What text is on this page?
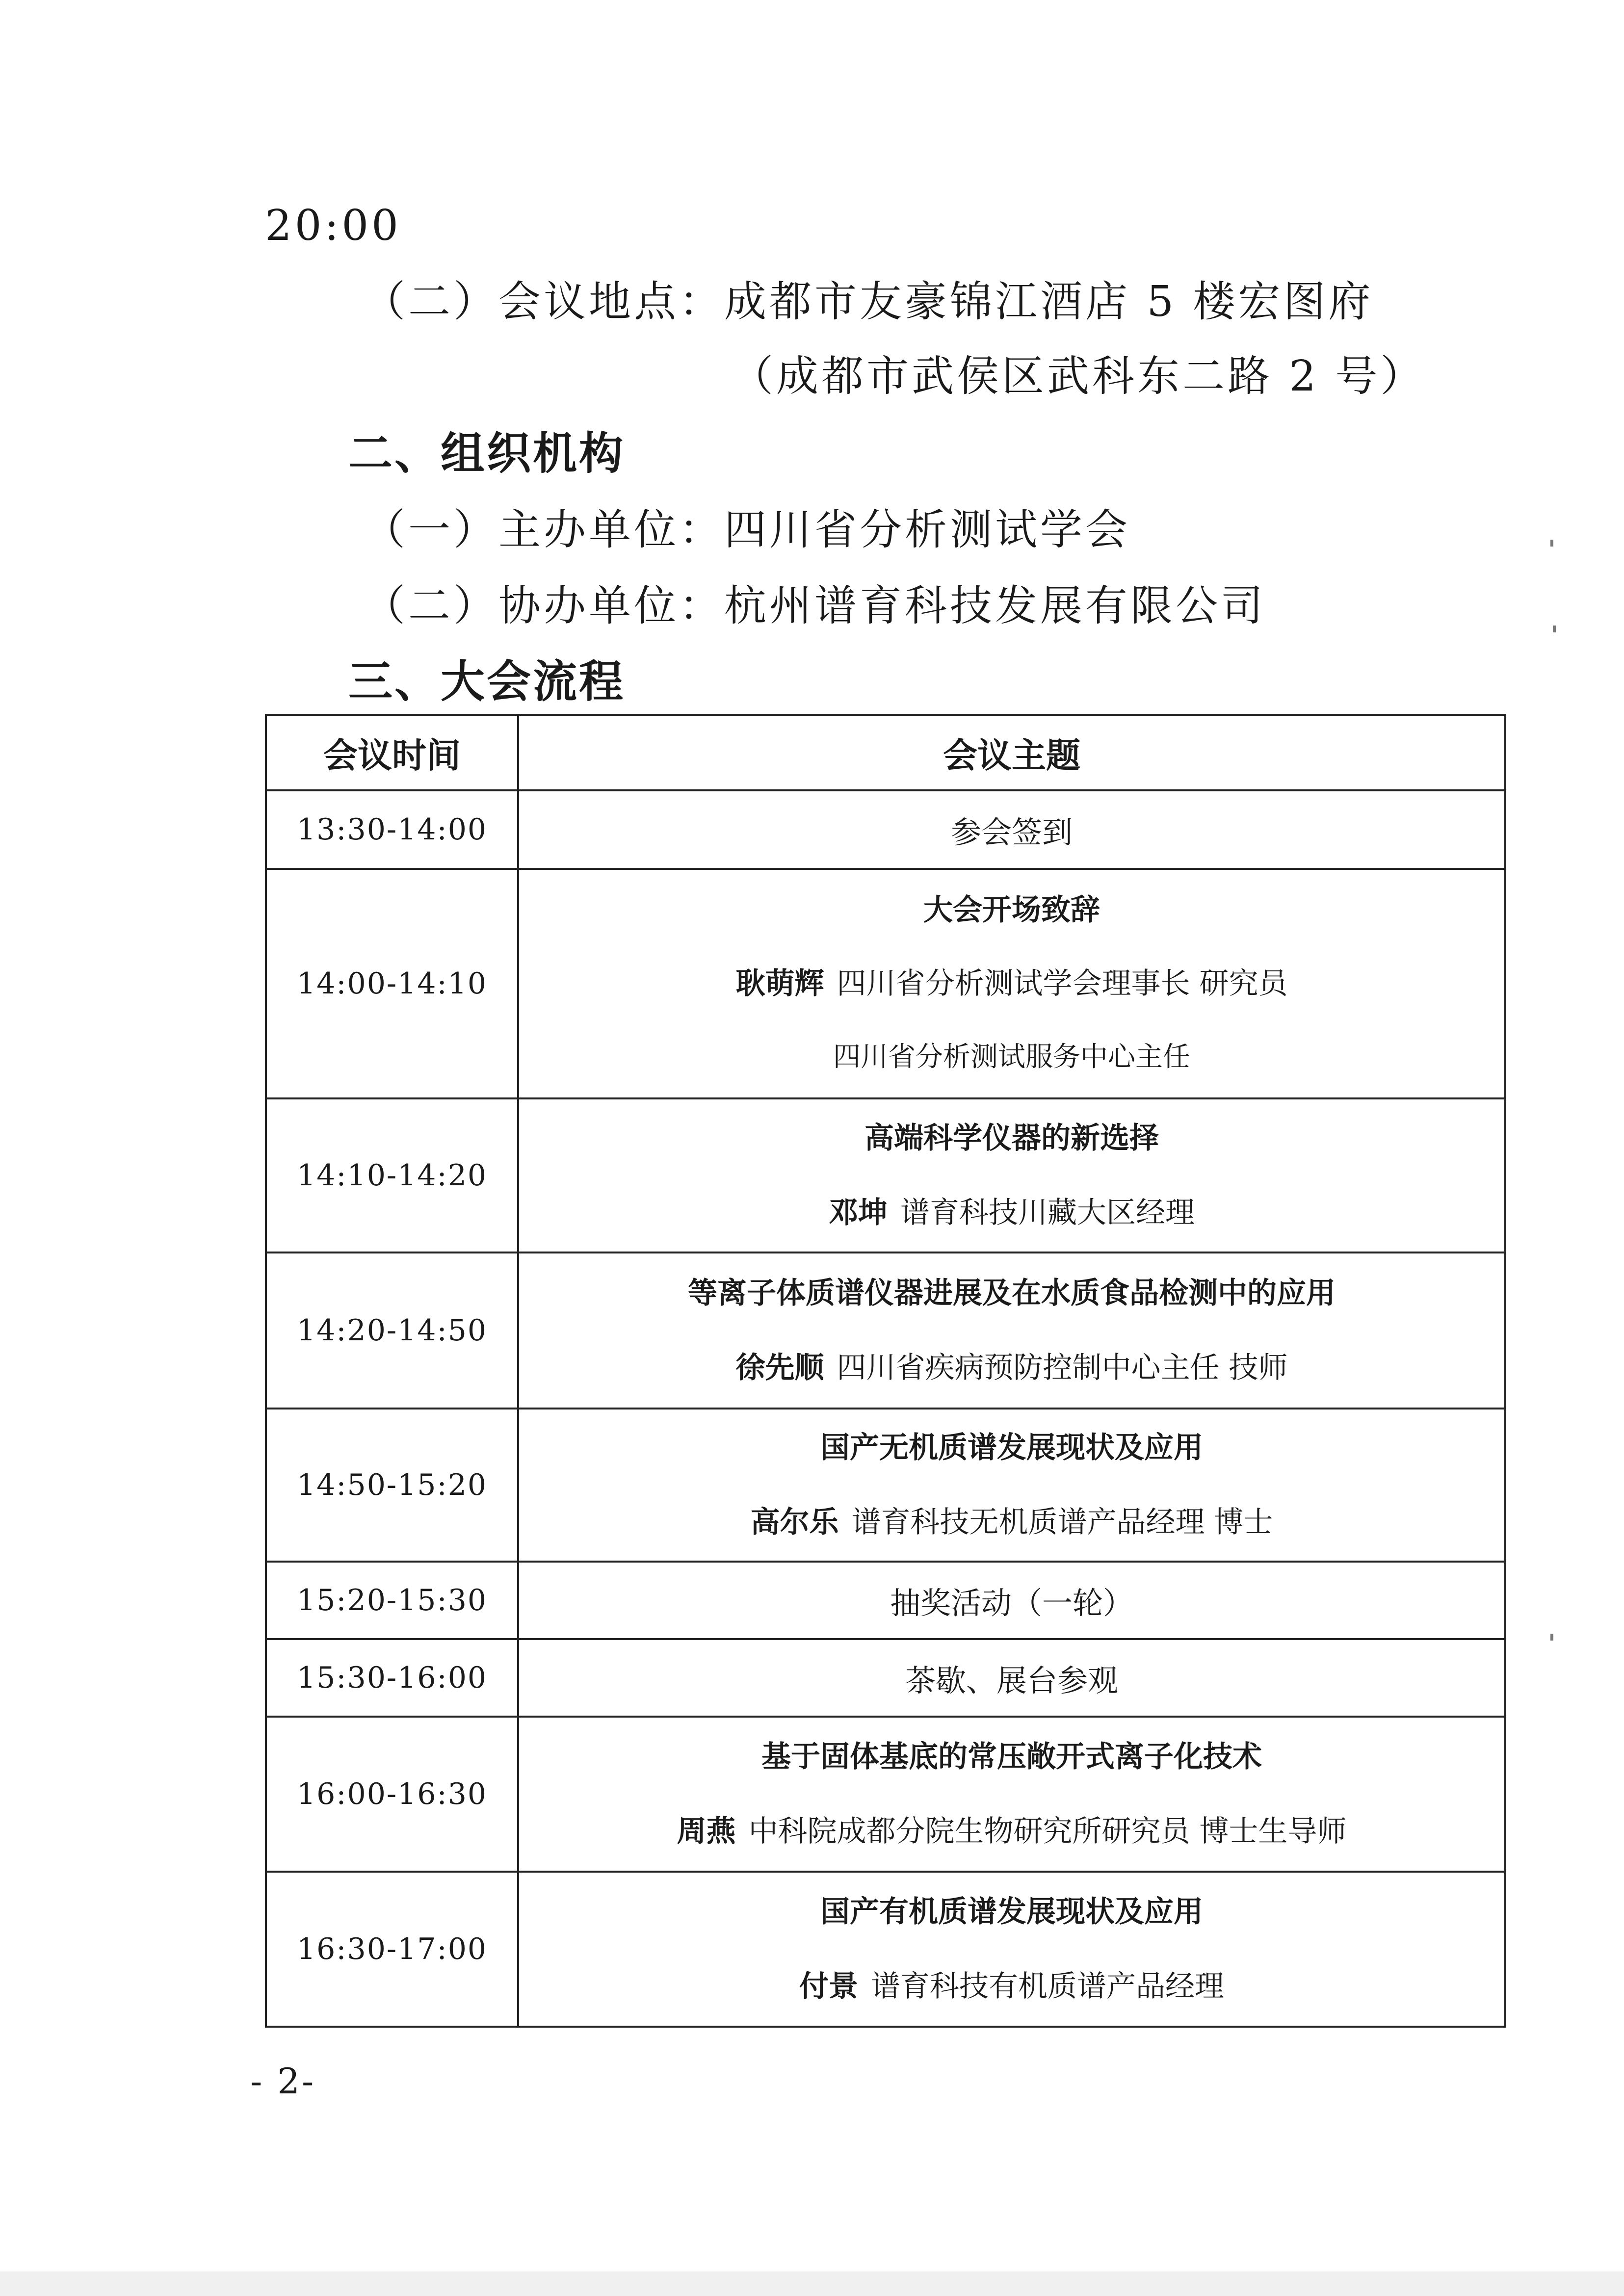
20:00
（二）会议地点：成都市友豪锦江酒店 5 楼宏图府
（成都市武侯区武科东二路 2 号）
二、组织机构
（一）主办单位：四川省分析测试学会
（二）协办单位：杭州谱育科技发展有限公司
三、大会流程
会议时间	会议主题
13:30-14:00	参会签到
14:00-14:10	大会开场致辞
耿萌辉 四川省分析测试学会理事长 研究员
四川省分析测试服务中心主任

14:10-14:20	高端科学仪器的新选择
邓坤 谱育科技川藏大区经理

14:20-14:50	等离子体质谱仪器进展及在水质食品检测中的应用
徐先顺 四川省疾病预防控制中心主任 技师

14:50-15:20	国产无机质谱发展现状及应用
高尔乐 谱育科技无机质谱产品经理 博士

15:20-15:30	抽奖活动（一轮）
15:30-16:00	茶歇、展台参观
16:00-16:30	基于固体基底的常压敞开式离子化技术
周燕 中科院成都分院生物研究所研究员 博士生导师

16:30-17:00	国产有机质谱发展现状及应用
付景 谱育科技有机质谱产品经理
- 2-
